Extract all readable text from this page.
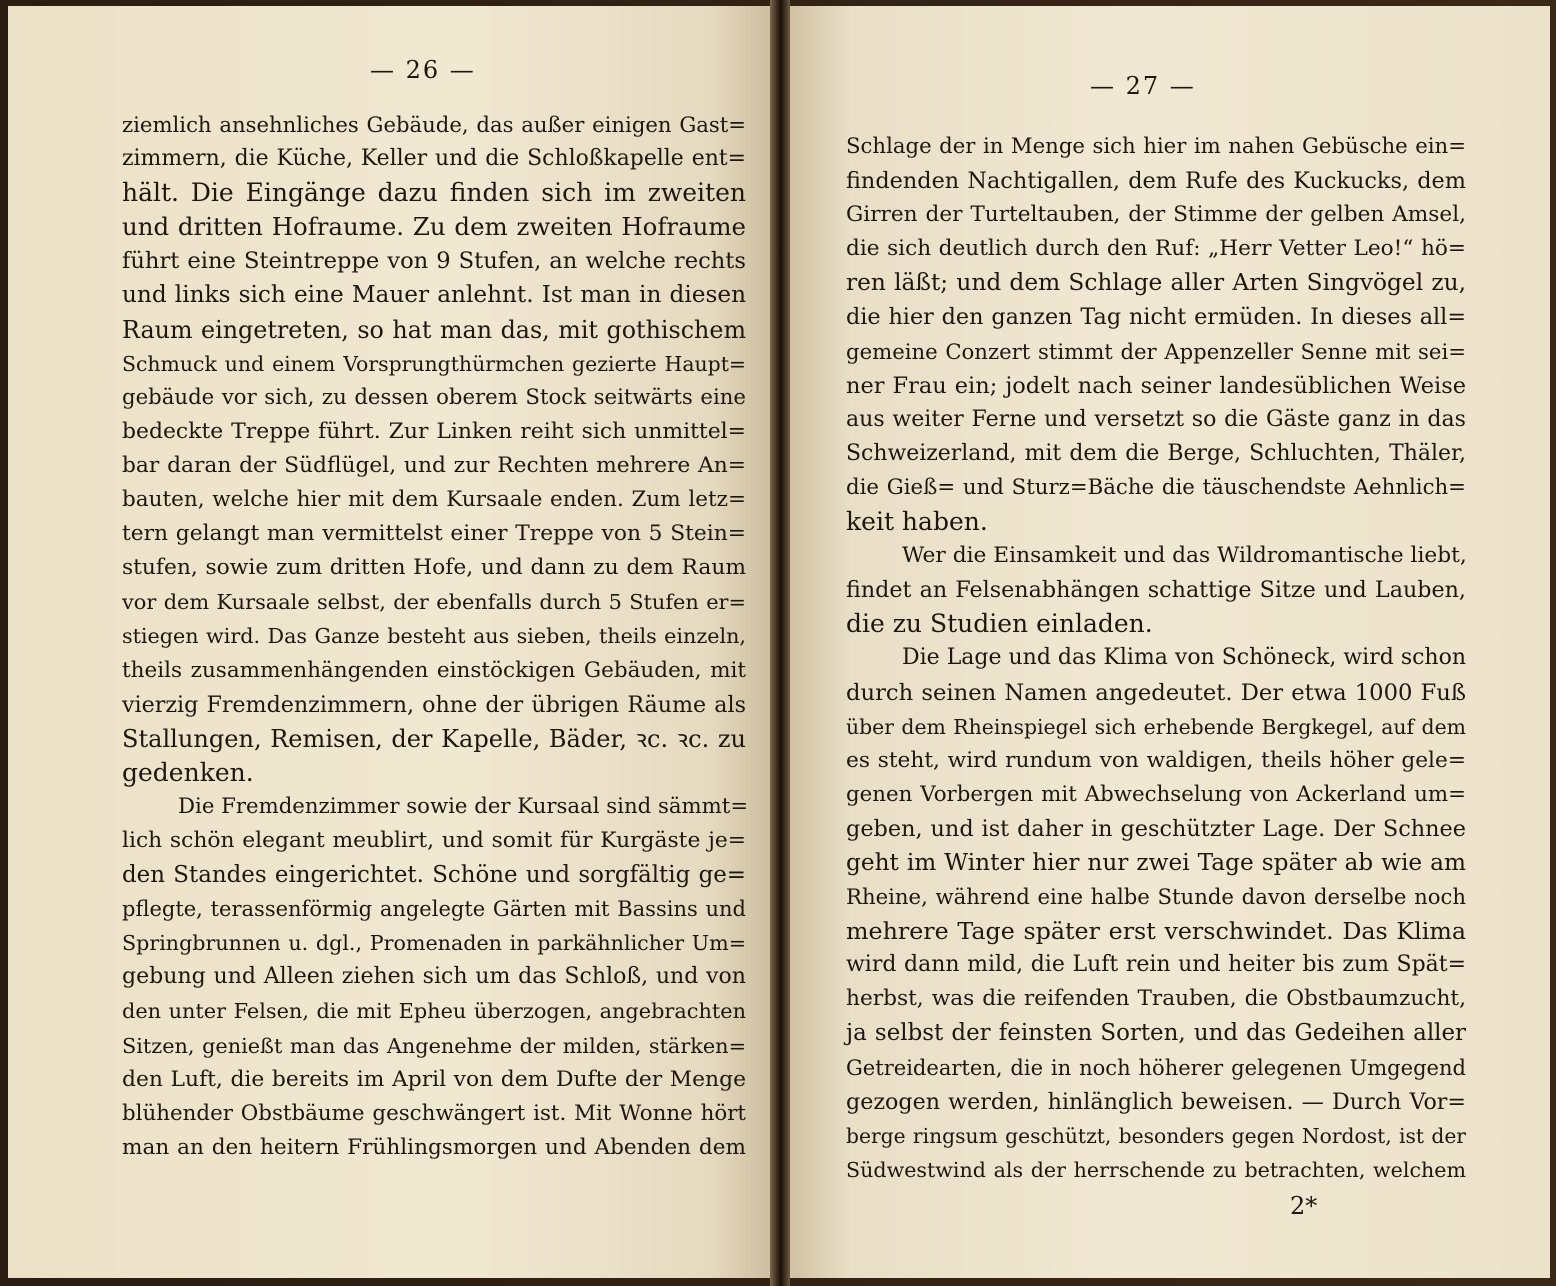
— 26 —
ziemlich ansehnliches Gebäude, das außer einigen Gast=
zimmern, die Küche, Keller und die Schloßkapelle ent=
hält. Die Eingänge dazu finden sich im zweiten
und dritten Hofraume. Zu dem zweiten Hofraume
führt eine Steintreppe von 9 Stufen, an welche rechts
und links sich eine Mauer anlehnt. Ist man in diesen
Raum eingetreten, so hat man das, mit gothischem
Schmuck und einem Vorsprungthürmchen gezierte Haupt=
gebäude vor sich, zu dessen oberem Stock seitwärts eine
bedeckte Treppe führt. Zur Linken reiht sich unmittel=
bar daran der Südflügel, und zur Rechten mehrere An=
bauten, welche hier mit dem Kursaale enden. Zum letz=
tern gelangt man vermittelst einer Treppe von 5 Stein=
stufen, sowie zum dritten Hofe, und dann zu dem Raum
vor dem Kursaale selbst, der ebenfalls durch 5 Stufen er=
stiegen wird. Das Ganze besteht aus sieben, theils einzeln,
theils zusammenhängenden einstöckigen Gebäuden, mit
vierzig Fremdenzimmern, ohne der übrigen Räume als
Stallungen, Remisen, der Kapelle, Bäder, ꝛc. ꝛc. zu
gedenken.
Die Fremdenzimmer sowie der Kursaal sind sämmt=
lich schön elegant meublirt, und somit für Kurgäste je=
den Standes eingerichtet. Schöne und sorgfältig ge=
pflegte, terassenförmig angelegte Gärten mit Bassins und
Springbrunnen u. dgl., Promenaden in parkähnlicher Um=
gebung und Alleen ziehen sich um das Schloß, und von
den unter Felsen, die mit Epheu überzogen, angebrachten
Sitzen, genießt man das Angenehme der milden, stärken=
den Luft, die bereits im April von dem Dufte der Menge
blühender Obstbäume geschwängert ist. Mit Wonne hört
man an den heitern Frühlingsmorgen und Abenden dem
— 27 —
Schlage der in Menge sich hier im nahen Gebüsche ein=
findenden Nachtigallen, dem Rufe des Kuckucks, dem
Girren der Turteltauben, der Stimme der gelben Amsel,
die sich deutlich durch den Ruf: „Herr Vetter Leo!“ hö=
ren läßt; und dem Schlage aller Arten Singvögel zu,
die hier den ganzen Tag nicht ermüden. In dieses all=
gemeine Conzert stimmt der Appenzeller Senne mit sei=
ner Frau ein; jodelt nach seiner landesüblichen Weise
aus weiter Ferne und versetzt so die Gäste ganz in das
Schweizerland, mit dem die Berge, Schluchten, Thäler,
die Gieß= und Sturz=Bäche die täuschendste Aehnlich=
keit haben.
Wer die Einsamkeit und das Wildromantische liebt,
findet an Felsenabhängen schattige Sitze und Lauben,
die zu Studien einladen.
Die Lage und das Klima von Schöneck, wird schon
durch seinen Namen angedeutet. Der etwa 1000 Fuß
über dem Rheinspiegel sich erhebende Bergkegel, auf dem
es steht, wird rundum von waldigen, theils höher gele=
genen Vorbergen mit Abwechselung von Ackerland um=
geben, und ist daher in geschützter Lage. Der Schnee
geht im Winter hier nur zwei Tage später ab wie am
Rheine, während eine halbe Stunde davon derselbe noch
mehrere Tage später erst verschwindet. Das Klima
wird dann mild, die Luft rein und heiter bis zum Spät=
herbst, was die reifenden Trauben, die Obstbaumzucht,
ja selbst der feinsten Sorten, und das Gedeihen aller
Getreidearten, die in noch höherer gelegenen Umgegend
gezogen werden, hinlänglich beweisen. — Durch Vor=
berge ringsum geschützt, besonders gegen Nordost, ist der
Südwestwind als der herrschende zu betrachten, welchem
2*
